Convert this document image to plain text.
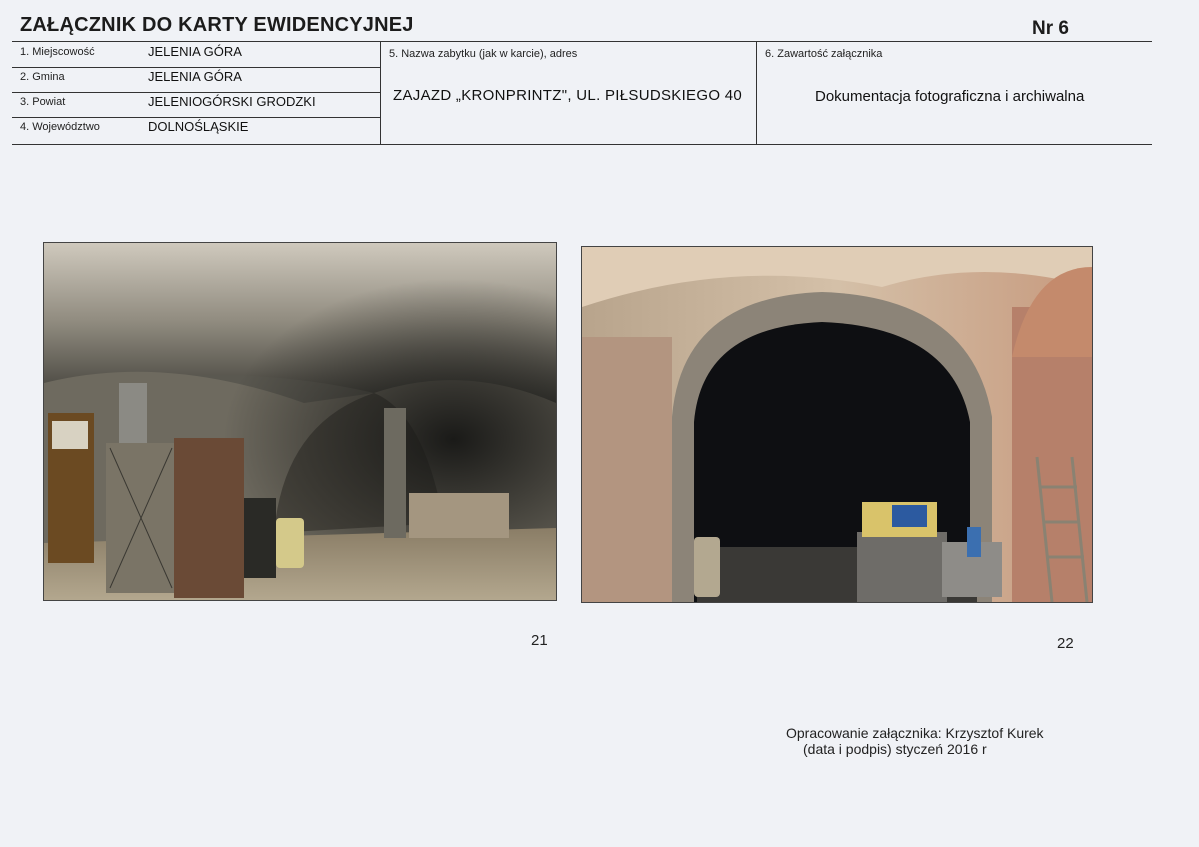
ZAŁĄCZNIK DO KARTY EWIDENCYJNEJ	Nr 6
1. Miejscowość	JELENIA GÓRA
2. Gmina	JELENIA GÓRA
3. Powiat	JELENIOGÓRSKI GRODZKI
4. Województwo	DOLNOŚLĄSKIE
5. Nazwa zabytku (jak w karcie), adres
ZAJAZD „KRONPRINTZ", UL. PIŁSUDSKIEGO 40
6. Zawartość załącznika
Dokumentacja fotograficzna i archiwalna
21	22
Opracowanie załącznika: Krzysztof Kurek
(data i podpis) styczeń 2016 r
